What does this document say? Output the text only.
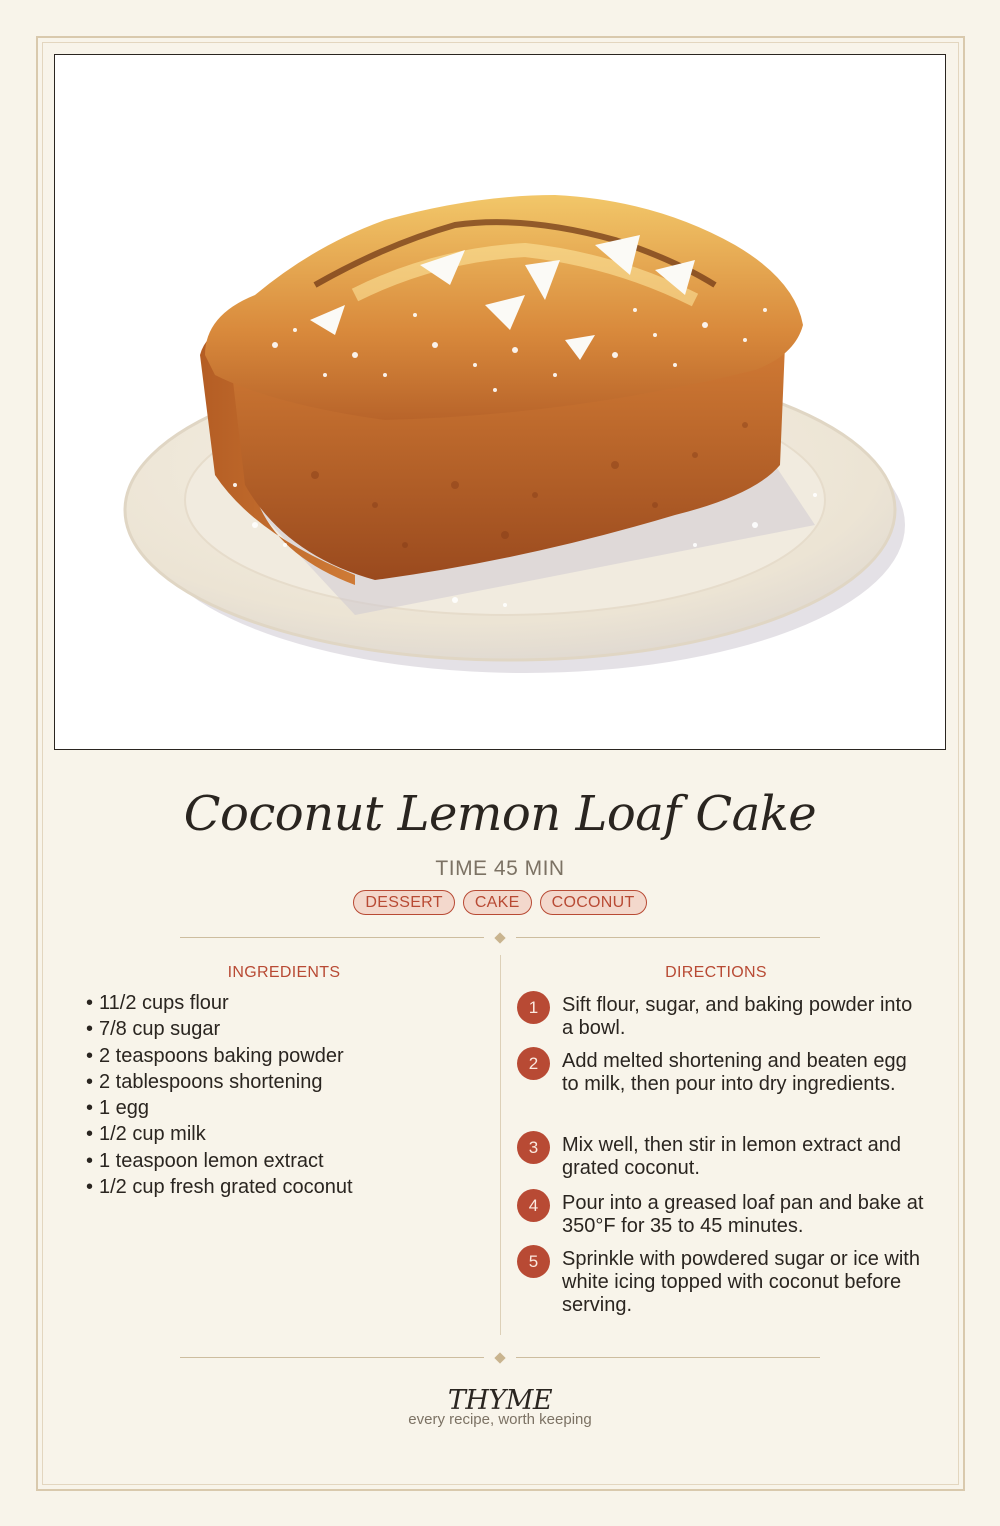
Coconut Lemon Loaf Cake
TIME 45 MIN
DESSERT	CAKE	COCONUT
INGREDIENTS	DIRECTIONS
• 11/2 cups flour
• 7/8 cup sugar
• 2 teaspoons baking powder
• 2 tablespoons shortening
• 1 egg
• 1/2 cup milk
• 1 teaspoon lemon extract
• 1/2 cup fresh grated coconut
1	Sift flour, sugar, and baking powder into a bowl.
2	Add melted shortening and beaten egg to milk, then pour into dry ingredients.
3	Mix well, then stir in lemon extract and grated coconut.
4	Pour into a greased loaf pan and bake at 350°F for 35 to 45 minutes.
5	Sprinkle with powdered sugar or ice with white icing topped with coconut before serving.
THYME
every recipe, worth keeping
